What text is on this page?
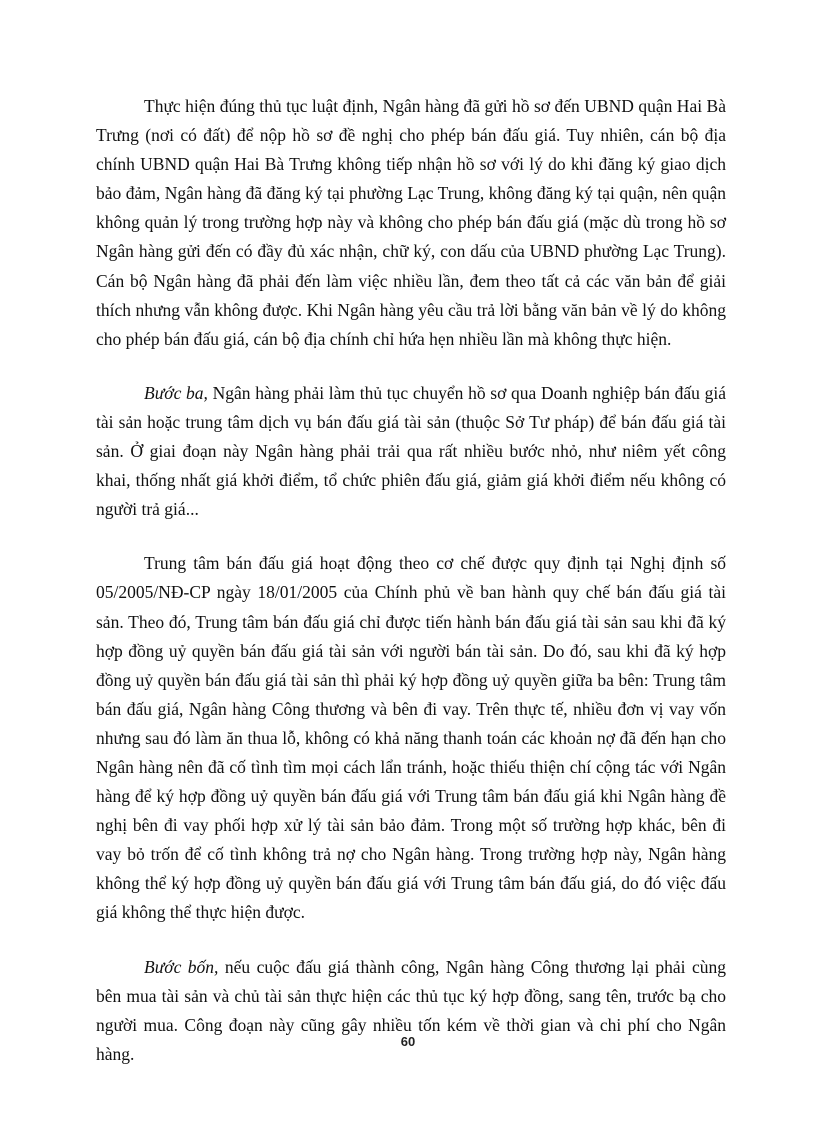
Thực hiện đúng thủ tục luật định, Ngân hàng đã gửi hồ sơ đến UBND quận Hai Bà Trưng (nơi có đất) để nộp hồ sơ đề nghị cho phép bán đấu giá. Tuy nhiên, cán bộ địa chính UBND quận Hai Bà Trưng không tiếp nhận hồ sơ với lý do khi đăng ký giao dịch bảo đảm, Ngân hàng đã đăng ký tại phường Lạc Trung, không đăng ký tại quận, nên quận không quản lý trong trường hợp này và không cho phép bán đấu giá (mặc dù trong hồ sơ Ngân hàng gửi đến có đầy đủ xác nhận, chữ ký, con dấu của UBND phường Lạc Trung). Cán bộ Ngân hàng đã phải đến làm việc nhiều lần, đem theo tất cả các văn bản để giải thích nhưng vẫn không được. Khi Ngân hàng yêu cầu trả lời bằng văn bản về lý do không cho phép bán đấu giá, cán bộ địa chính chỉ hứa hẹn nhiều lần mà không thực hiện.

Bước ba, Ngân hàng phải làm thủ tục chuyển hồ sơ qua Doanh nghiệp bán đấu giá tài sản hoặc trung tâm dịch vụ bán đấu giá tài sản (thuộc Sở Tư pháp) để bán đấu giá tài sản. Ở giai đoạn này Ngân hàng phải trải qua rất nhiều bước nhỏ, như niêm yết công khai, thống nhất giá khởi điểm, tổ chức phiên đấu giá, giảm giá khởi điểm nếu không có người trả giá...

Trung tâm bán đấu giá hoạt động theo cơ chế được quy định tại Nghị định số 05/2005/NĐ-CP ngày 18/01/2005 của Chính phủ về ban hành quy chế bán đấu giá tài sản. Theo đó, Trung tâm bán đấu giá chỉ được tiến hành bán đấu giá tài sản sau khi đã ký hợp đồng uỷ quyền bán đấu giá tài sản với người bán tài sản. Do đó, sau khi đã ký hợp đồng uỷ quyền bán đấu giá tài sản thì phải ký hợp đồng uỷ quyền giữa ba bên: Trung tâm bán đấu giá, Ngân hàng Công thương và bên đi vay. Trên thực tế, nhiều đơn vị vay vốn nhưng sau đó làm ăn thua lỗ, không có khả năng thanh toán các khoản nợ đã đến hạn cho Ngân hàng nên đã cố tình tìm mọi cách lẩn tránh, hoặc thiếu thiện chí cộng tác với Ngân hàng để ký hợp đồng uỷ quyền bán đấu giá với Trung tâm bán đấu giá khi Ngân hàng đề nghị bên đi vay phối hợp xử lý tài sản bảo đảm. Trong một số trường hợp khác, bên đi vay bỏ trốn để cố tình không trả nợ cho Ngân hàng. Trong trường hợp này, Ngân hàng không thể ký hợp đồng uỷ quyền bán đấu giá với Trung tâm bán đấu giá, do đó việc đấu giá không thể thực hiện được.

Bước bốn, nếu cuộc đấu giá thành công, Ngân hàng Công thương lại phải cùng bên mua tài sản và chủ tài sản thực hiện các thủ tục ký hợp đồng, sang tên, trước bạ cho người mua. Công đoạn này cũng gây nhiều tốn kém về thời gian và chi phí cho Ngân hàng.

60
